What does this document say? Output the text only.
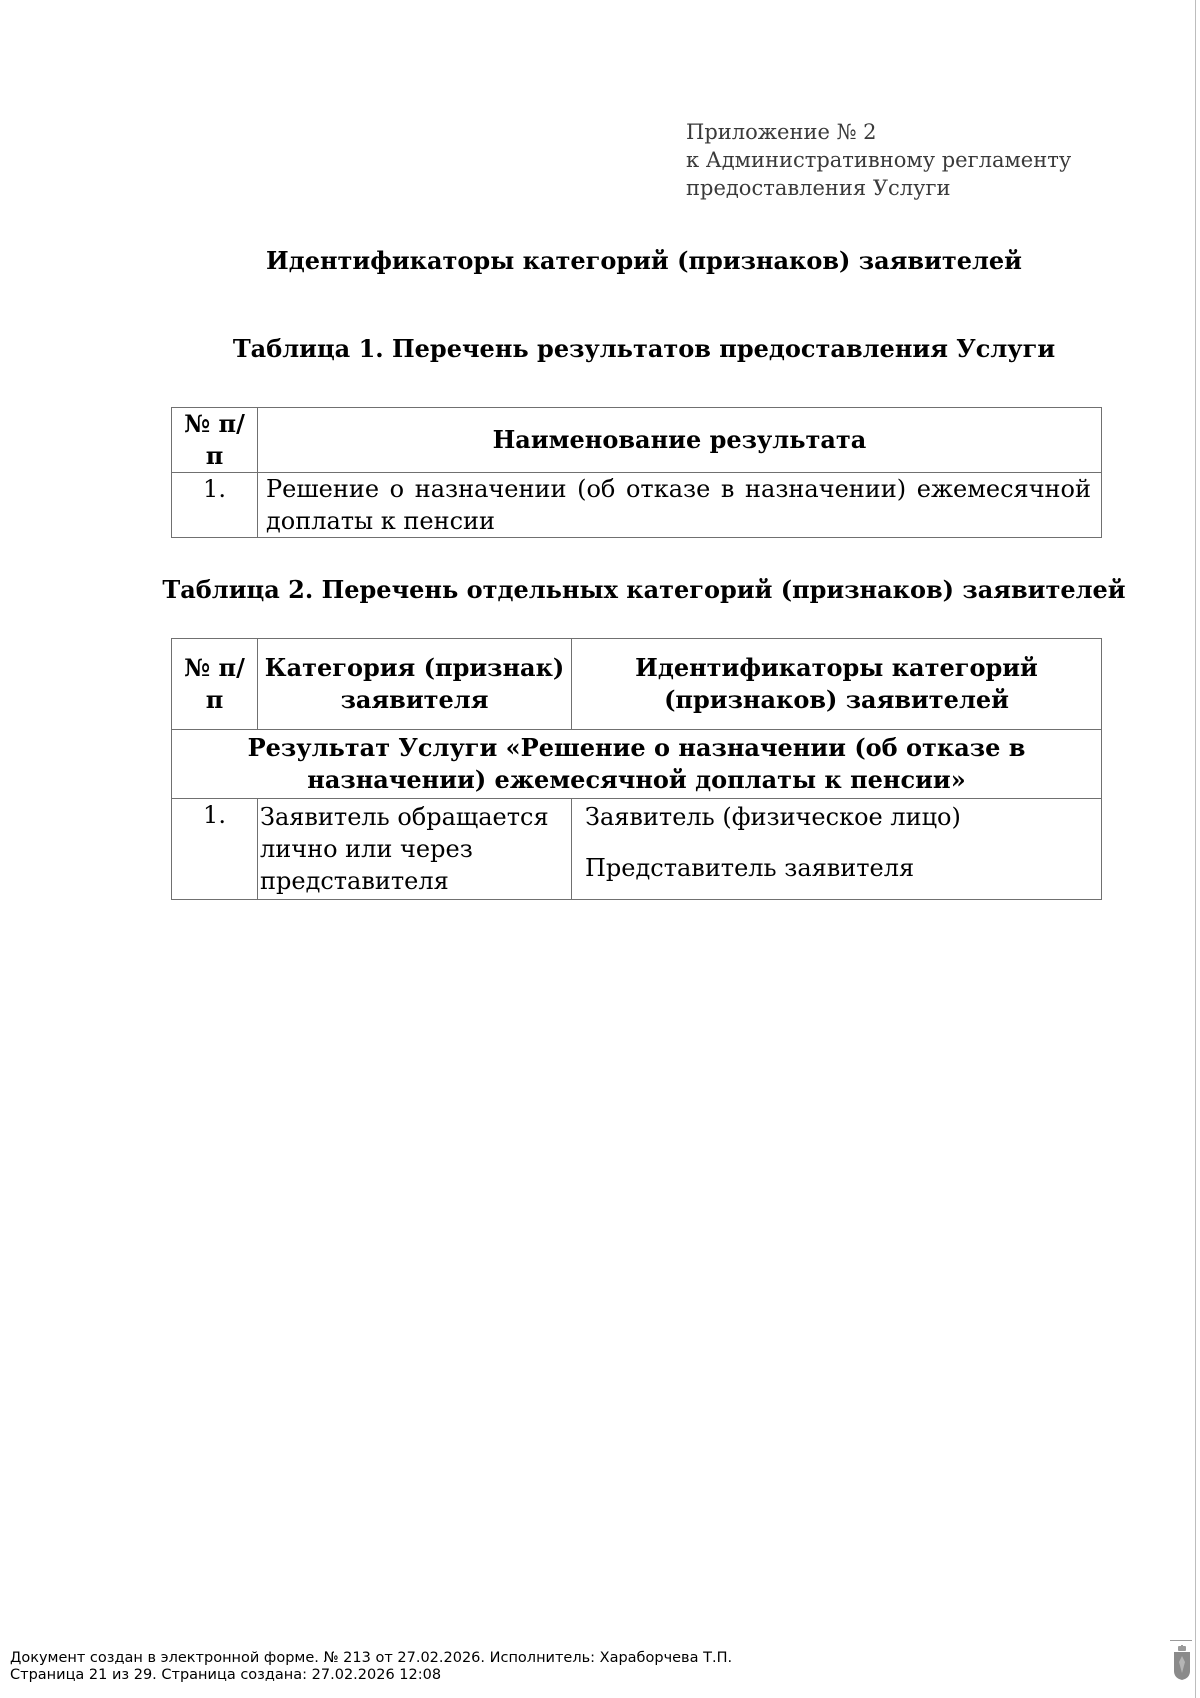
Приложение № 2
к Административному регламенту
предоставления Услуги
Идентификаторы категорий (признаков) заявителей
Таблица 1. Перечень результатов предоставления Услуги
№ п/п	Наименование результата
1.	Решение о назначении (об отказе в назначении) ежемесячной доплаты к пенсии
Таблица 2. Перечень отдельных категорий (признаков) заявителей
№ п/п	Категория (признак) заявителя	Идентификаторы категорий (признаков) заявителей
Результат Услуги «Решение о назначении (об отказе в назначении) ежемесячной доплаты к пенсии»		
1.	Заявитель обращается лично или через представителя	Заявитель (физическое лицо)

Представитель заявителя

Документ создан в электронной форме. № 213 от 27.02.2026. Исполнитель: Хараборчева Т.П.
Страница 21 из 29. Страница создана: 27.02.2026 12:08
